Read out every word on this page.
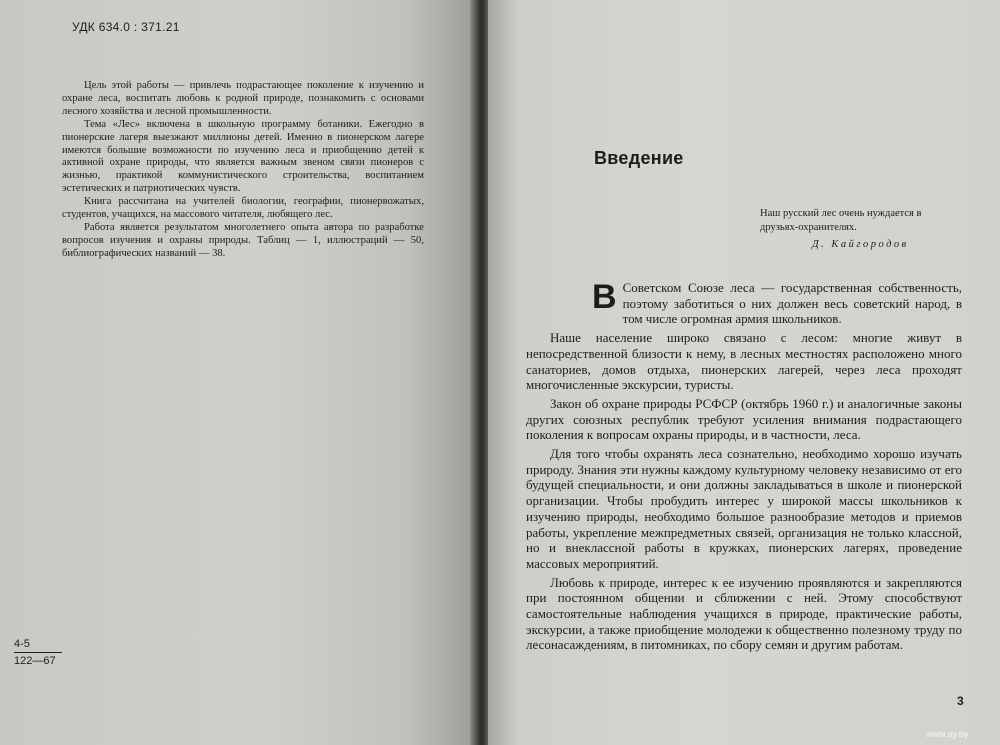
УДК 634.0 : 371.21

Цель этой работы — привлечь подрастающее поколение к изучению и охране леса, воспитать любовь к родной природе, познакомить с основами лесного хозяйства и лесной промышленности.

Тема «Лес» включена в школьную программу ботаники. Ежегодно в пионерские лагеря выезжают миллионы детей. Именно в пионерском лагере имеются большие возможности по изучению леса и приобщению детей к активной охране природы, что является важным звеном связи пионеров с жизнью, практикой коммунистического строительства, воспитанием эстетических и патриотических чувств.

Книга рассчитана на учителей биологии, географии, пионервожатых, студентов, учащихся, на массового читателя, любящего лес.

Работа является результатом многолетнего опыта автора по разработке вопросов изучения и охраны природы. Таблиц — 1, иллюстраций — 50, библиографических названий — 38.

4-5
122—67
Введение
Наш русский лес очень нуждается в друзьях-охранителях.
Д. Кайгородов

В Советском Союзе леса — государственная собственность, поэтому заботиться о них должен весь советский народ, в том числе огромная армия школьников.

Наше население широко связано с лесом: многие живут в непосредственной близости к нему, в лесных местностях расположено много санаториев, домов отдыха, пионерских лагерей, через леса проходят многочисленные экскурсии, туристы.

Закон об охране природы РСФСР (октябрь 1960 г.) и аналогичные законы других союзных республик требуют усиления внимания подрастающего поколения к вопросам охраны природы, и в частности, леса.

Для того чтобы охранять леса сознательно, необходимо хорошо изучать природу. Знания эти нужны каждому культурному человеку независимо от его будущей специальности, и они должны закладываться в школе и пионерской организации. Чтобы пробудить интерес у широкой массы школьников к изучению природы, необходимо большое разнообразие методов и приемов работы, укрепление межпредметных связей, организация не только классной, но и внеклассной работы в кружках, пионерских лагерях, проведение массовых мероприятий.

Любовь к природе, интерес к ее изучению проявляются и закрепляются при постоянном общении и сближении с ней. Этому способствуют самостоятельные наблюдения учащихся в природе, практические работы, экскурсии, а также приобщение молодежи к общественно полезному труду по лесонасаждениям, в питомниках, по сбору семян и другим работам.

3
www.ay.by
